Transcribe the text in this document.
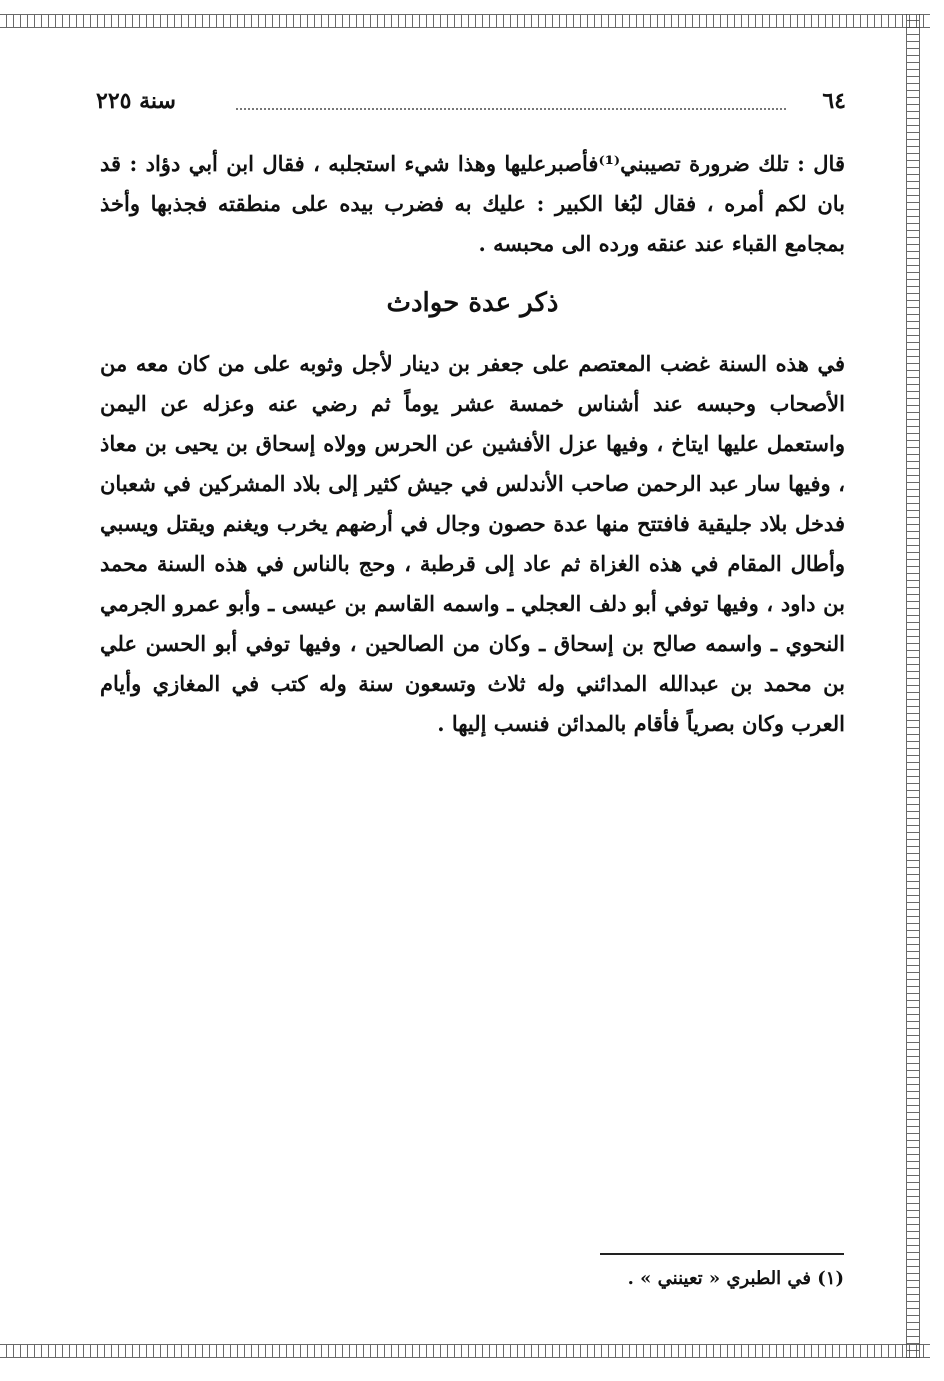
٦٤
سنة ٢٢٥
قال : تلك ضرورة تصيبني⁽¹⁾فأصبرعليها وهذا شيء استجلبه ، فقال ابن أبي دؤاد : قد بان لكم أمره ، فقال لبُغا الكبير : عليك به فضرب بيده على منطقته فجذبها وأخذ بمجامع القباء عند عنقه ورده الى محبسه .
ذكر عدة حوادث
في هذه السنة غضب المعتصم على جعفر بن دينار لأجل وثوبه على من كان معه من الأصحاب وحبسه عند أشناس خمسة عشر يوماً ثم رضي عنه وعزله عن اليمن واستعمل عليها ايتاخ ، وفيها عزل الأفشين عن الحرس وولاه إسحاق بن يحيى بن معاذ ، وفيها سار عبد الرحمن صاحب الأندلس في جيش كثير إلى بلاد المشركين في شعبان فدخل بلاد جليقية فافتتح منها عدة حصون وجال في أرضهم يخرب ويغنم ويقتل ويسبي وأطال المقام في هذه الغزاة ثم عاد إلى قرطبة ، وحج بالناس في هذه السنة محمد بن داود ، وفيها توفي أبو دلف العجلي ـ واسمه القاسم بن عيسى ـ وأبو عمرو الجرمي النحوي ـ واسمه صالح بن إسحاق ـ وكان من الصالحين ، وفيها توفي أبو الحسن علي بن محمد بن عبدالله المدائني وله ثلاث وتسعون سنة وله كتب في المغازي وأيام العرب وكان بصرياً فأقام بالمدائن فنسب إليها .
(١) في الطبري « تعينني » .
